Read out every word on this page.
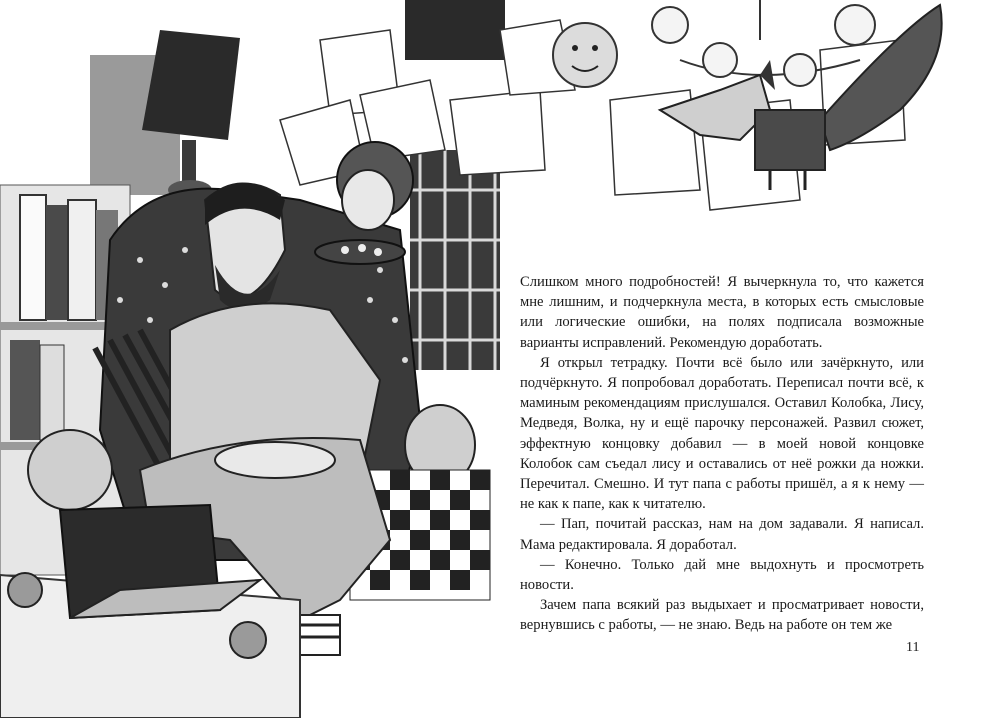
Слишком много подробностей! Я вычеркнула то, что кажется мне лишним, и подчеркнула места, в которых есть смысловые или логические ошибки, на полях подписала возможные варианты исправлений. Рекомендую доработать.

Я открыл тетрадку. Почти всё было или зачёркнуто, или подчёркнуто. Я попробовал доработать. Переписал почти всё, к маминым рекомендациям прислушался. Оставил Колобка, Лису, Медведя, Волка, ну и ещё парочку персонажей. Развил сюжет, эффектную концовку добавил — в моей новой концовке Колобок сам съедал лису и оставались от неё рожки да ножки. Перечитал. Смешно. И тут папа с работы пришёл, а я к нему — не как к папе, как к читателю.

— Пап, почитай рассказ, нам на дом задавали. Я написал. Мама редактировала. Я доработал.

— Конечно. Только дай мне выдохнуть и просмотреть новости.

Зачем папа всякий раз выдыхает и просматривает новости, вернувшись с работы, — не знаю. Ведь на работе он тем же

11
